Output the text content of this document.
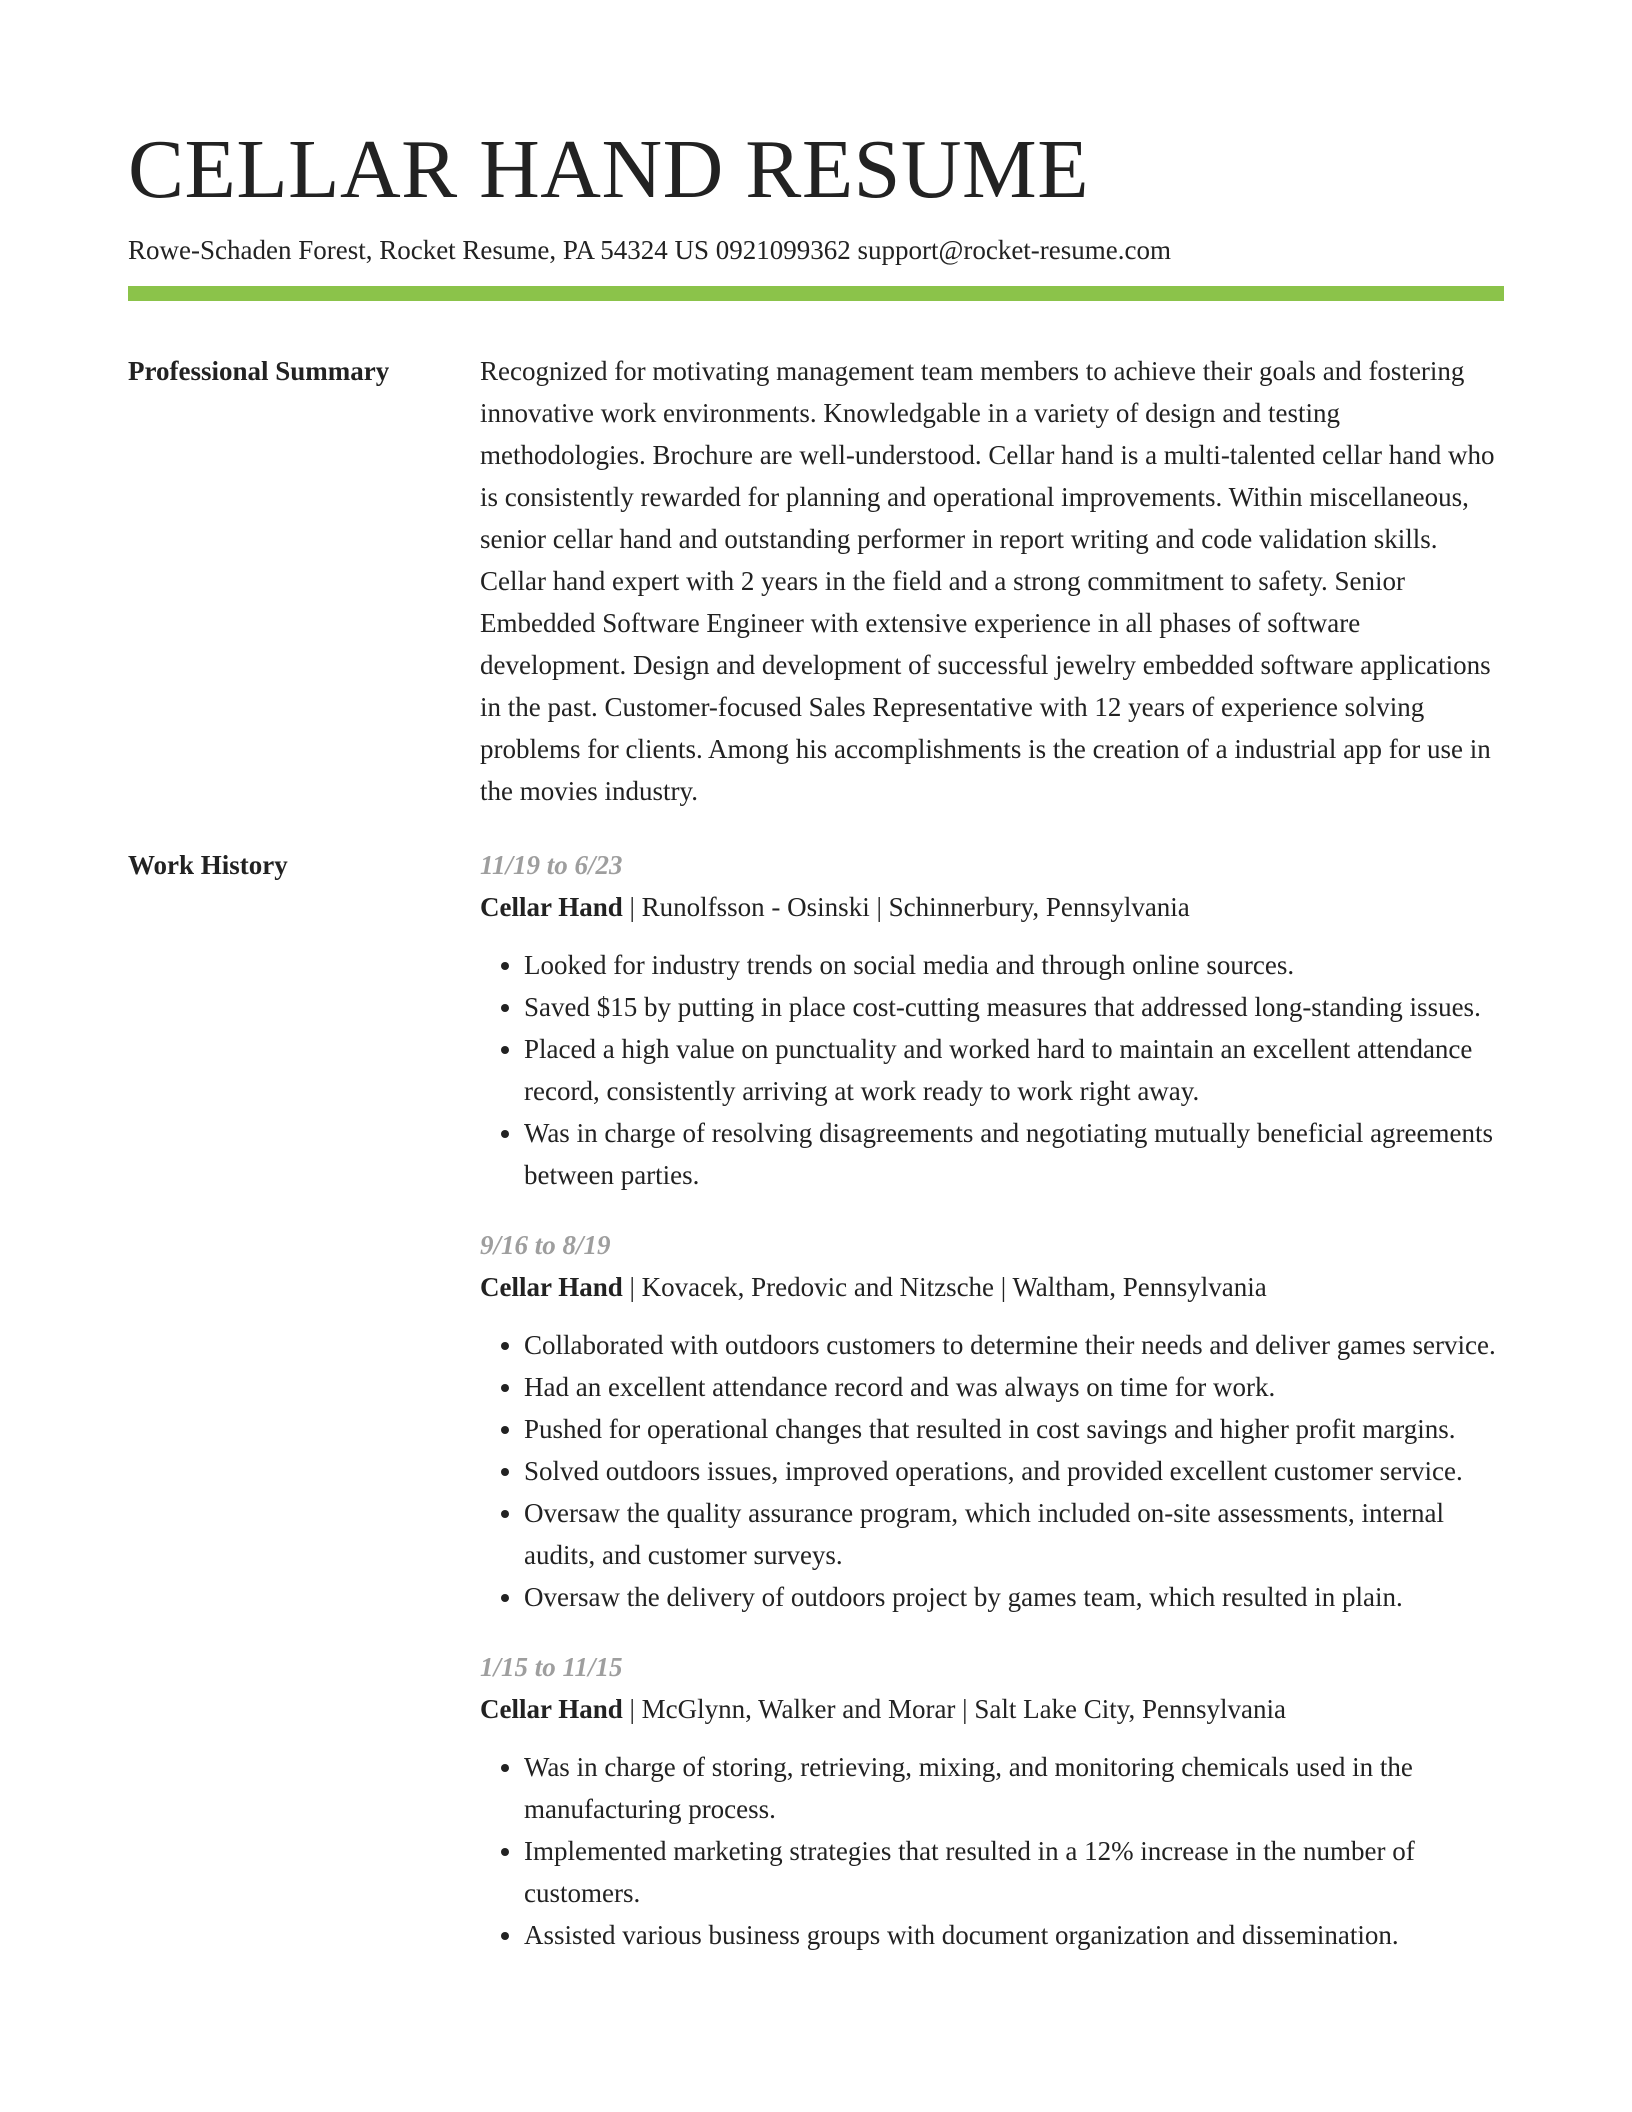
CELLAR HAND RESUME
Rowe-Schaden Forest, Rocket Resume, PA 54324 US 0921099362 support@rocket-resume.com
Professional Summary	Recognized for motivating management team members to achieve their goals and fostering innovative work environments. Knowledgable in a variety of design and testing methodologies. Brochure are well-understood. Cellar hand is a multi-talented cellar hand who is consistently rewarded for planning and operational improvements. Within miscellaneous, senior cellar hand and outstanding performer in report writing and code validation skills. Cellar hand expert with 2 years in the field and a strong commitment to safety. Senior Embedded Software Engineer with extensive experience in all phases of software development. Design and development of successful jewelry embedded software applications in the past. Customer-focused Sales Representative with 12 years of experience solving problems for clients. Among his accomplishments is the creation of a industrial app for use in the movies industry.

Work History	11/19 to 6/23
Cellar Hand | Runolfsson - Osinski | Schinnerbury, Pennsylvania
• Looked for industry trends on social media and through online sources.
• Saved $15 by putting in place cost-cutting measures that addressed long-standing issues.
• Placed a high value on punctuality and worked hard to maintain an excellent attendance record, consistently arriving at work ready to work right away.
• Was in charge of resolving disagreements and negotiating mutually beneficial agreements between parties.
9/16 to 8/19
Cellar Hand | Kovacek, Predovic and Nitzsche | Waltham, Pennsylvania
• Collaborated with outdoors customers to determine their needs and deliver games service.
• Had an excellent attendance record and was always on time for work.
• Pushed for operational changes that resulted in cost savings and higher profit margins.
• Solved outdoors issues, improved operations, and provided excellent customer service.
• Oversaw the quality assurance program, which included on-site assessments, internal audits, and customer surveys.
• Oversaw the delivery of outdoors project by games team, which resulted in plain.
1/15 to 11/15
Cellar Hand | McGlynn, Walker and Morar | Salt Lake City, Pennsylvania
• Was in charge of storing, retrieving, mixing, and monitoring chemicals used in the manufacturing process.
• Implemented marketing strategies that resulted in a 12% increase in the number of customers.
• Assisted various business groups with document organization and dissemination.
